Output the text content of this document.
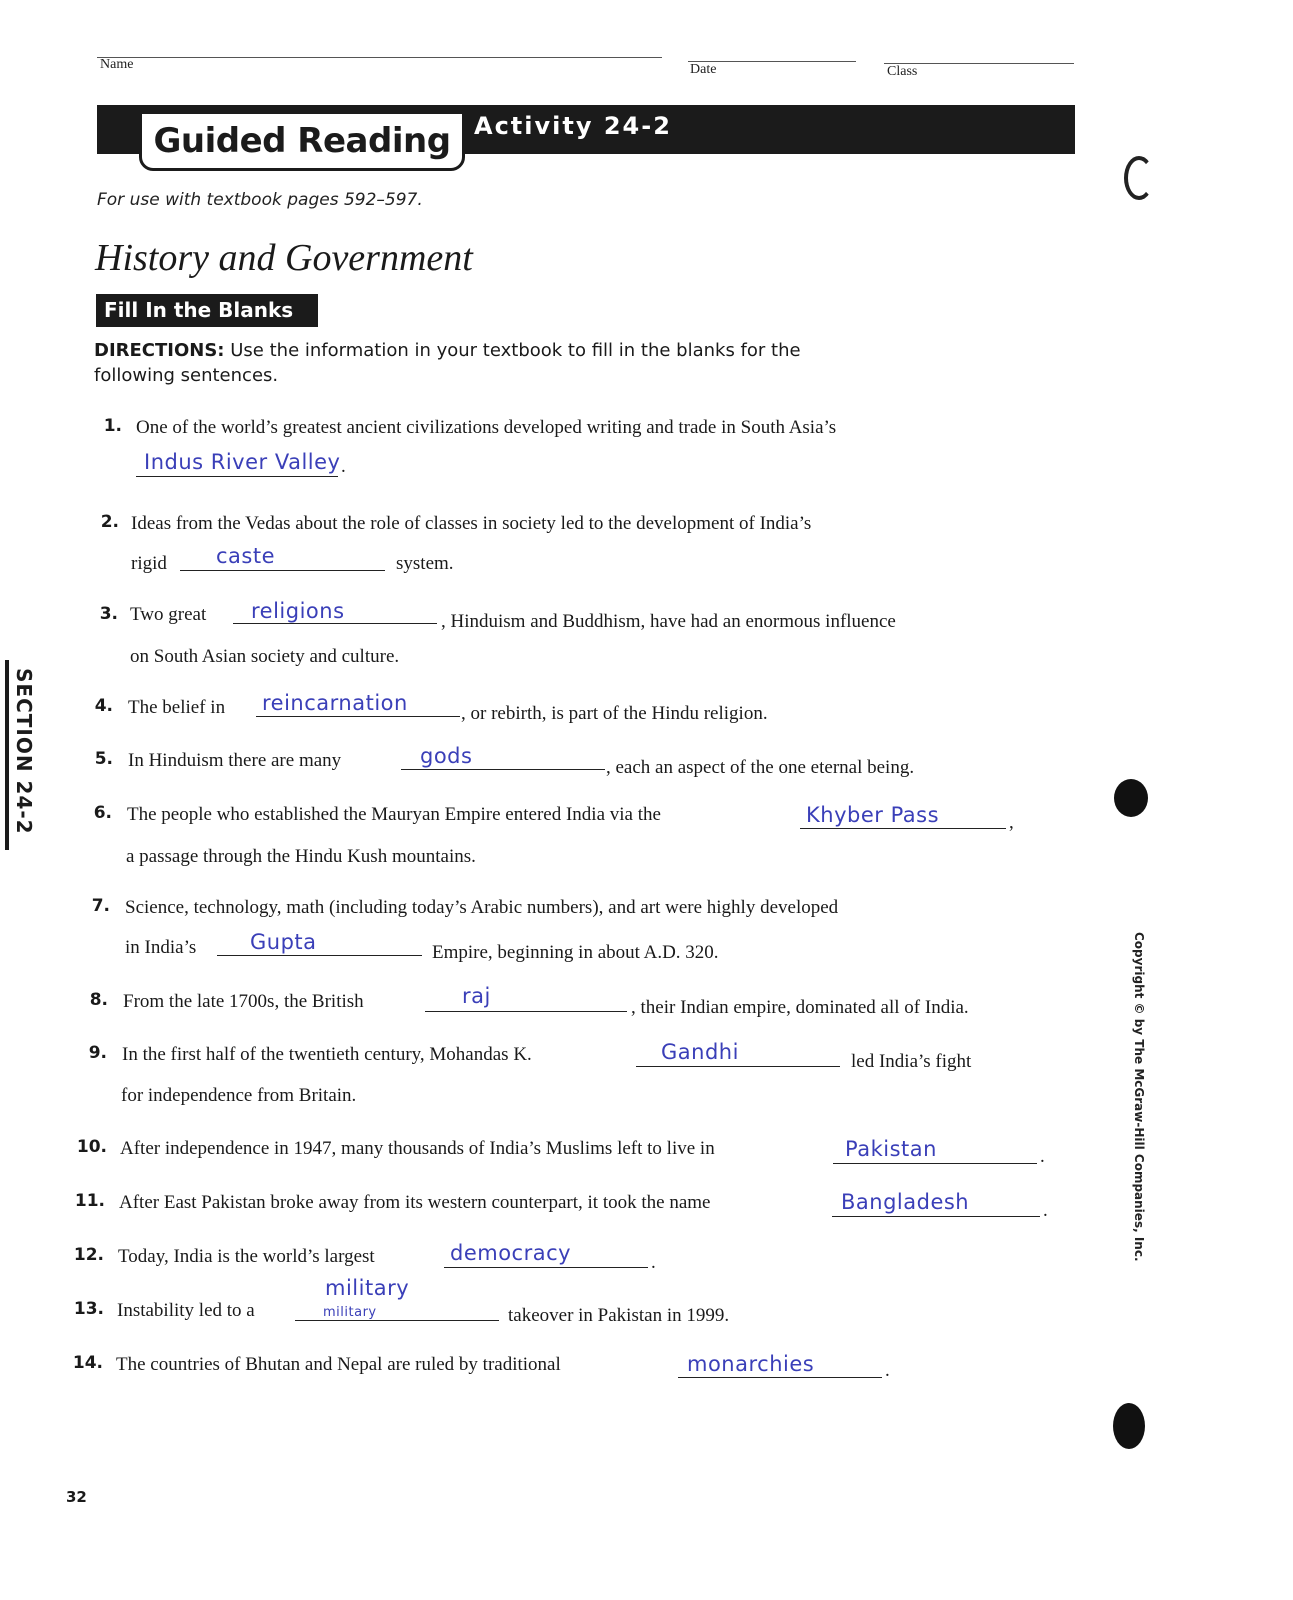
Name	Date	Class
Guided Reading Activity 24-2
For use with textbook pages 592–597.
History and Government
Fill In the Blanks
DIRECTIONS: Use the information in your textbook to fill in the blanks for the following sentences.
1. One of the world’s greatest ancient civilizations developed writing and trade in South Asia’s
Indus River Valley .
2. Ideas from the Vedas about the role of classes in society led to the development of India’s
rigid caste	system.
3. Two great religions	, Hinduism and Buddhism, have had an enormous influence
on South Asian society and culture.
4. The belief in reincarnation	, or rebirth, is part of the Hindu religion.
5. In Hinduism there are many	gods	, each an aspect of the one eternal being.
6. The people who established the Mauryan Empire entered India via the	Khyber Pass	,
a passage through the Hindu Kush mountains.
7. Science, technology, math (including today’s Arabic numbers), and art were highly developed
in India’s	Gupta	Empire, beginning in about A.D. 320.
8. From the late 1700s, the British	raj	, their Indian empire, dominated all of India.
9. In the first half of the twentieth century, Mohandas K.	Gandhi	led India’s fight
for independence from Britain.
10. After independence in 1947, many thousands of India’s Muslims left to live in	Pakistan	.
11. After East Pakistan broke away from its western counterpart, it took the name	Bangladesh	.
12. Today, India is the world’s largest	democracy	.
13. Instability led to a
military
military	takeover in Pakistan in 1999.
14. The countries of Bhutan and Nepal are ruled by traditional	monarchies	.
SECTION 24-2
Copyright © by The McGraw-Hill Companies, Inc.
32
